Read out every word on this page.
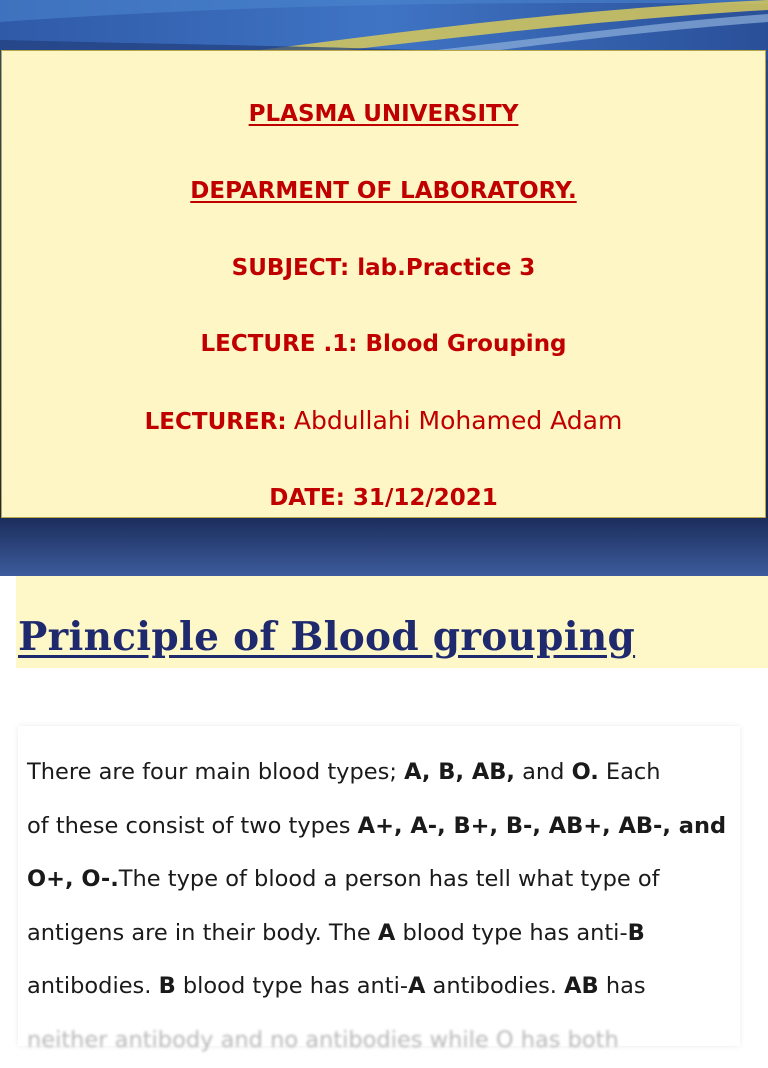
PLASMA UNIVERSITY
DEPARMENT OF LABORATORY.
SUBJECT: lab.Practice 3
LECTURE .1: Blood Grouping
LECTURER: Abdullahi Mohamed Adam
DATE: 31/12/2021
Principle of Blood grouping
There are four main blood types; A, B, AB, and O. Each
of these consist of two types A+, A-, B+, B-, AB+, AB-, and
O+, O-.The type of blood a person has tell what type of
antigens are in their body. The A blood type has anti-B
antibodies. B blood type has anti-A antibodies. AB has
neither antibody and no antibodies while O has both
